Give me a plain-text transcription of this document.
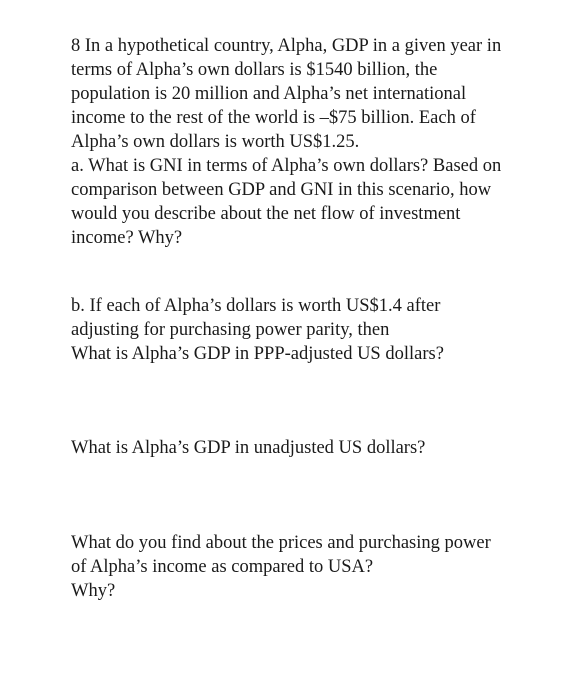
8 In a hypothetical country, Alpha, GDP in a given year in

terms of Alpha’s own dollars is $1540 billion, the

population is 20 million and Alpha’s net international

income to the rest of the world is –$75 billion. Each of

Alpha’s own dollars is worth US$1.25.

a. What is GNI in terms of Alpha’s own dollars? Based on

comparison between GDP and GNI in this scenario, how

would you describe about the net flow of investment

income? Why?

b. If each of Alpha’s dollars is worth US$1.4 after

adjusting for purchasing power parity, then

What is Alpha’s GDP in PPP-adjusted US dollars?

What is Alpha’s GDP in unadjusted US dollars?

What do you find about the prices and purchasing power

of Alpha’s income as compared to USA?

Why?
